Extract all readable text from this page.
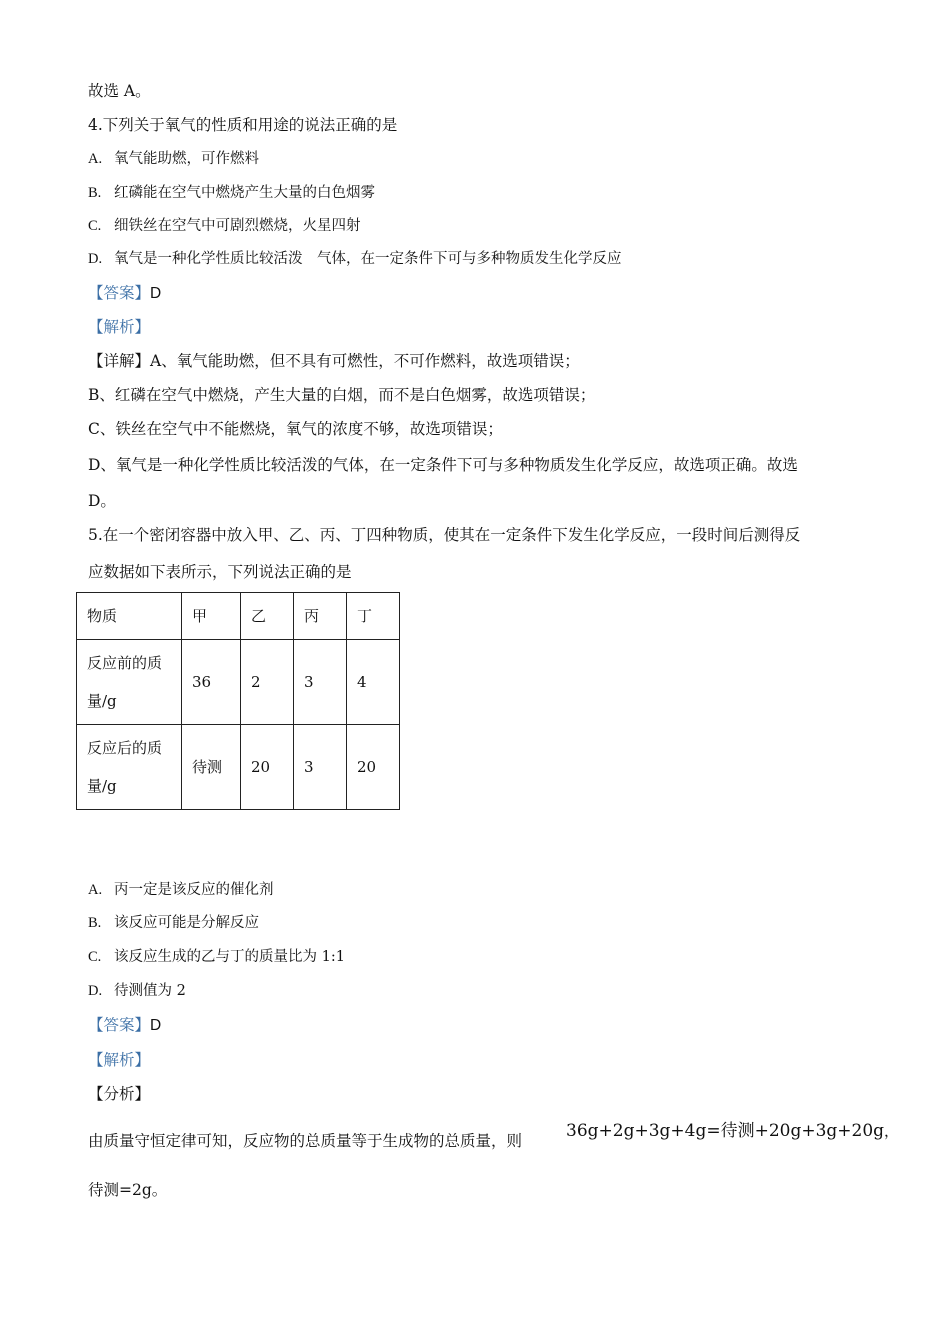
故选 A。
4.下列关于氧气的性质和用途的说法正确的是
A. 氧气能助燃，可作燃料
B. 红磷能在空气中燃烧产生大量的白色烟雾
C. 细铁丝在空气中可剧烈燃烧，火星四射
D. 氧气是一种化学性质比较活泼　气体，在一定条件下可与多种物质发生化学反应
【答案】D
【解析】
【详解】A、氧气能助燃，但不具有可燃性，不可作燃料，故选项错误；
B、红磷在空气中燃烧，产生大量的白烟，而不是白色烟雾，故选项错误；
C、铁丝在空气中不能燃烧，氧气的浓度不够，故选项错误；
D、氧气是一种化学性质比较活泼的气体，在一定条件下可与多种物质发生化学反应，故选项正确。故选
D。
5.在一个密闭容器中放入甲、乙、丙、丁四种物质，使其在一定条件下发生化学反应，一段时间后测得反
应数据如下表所示，下列说法正确的是
物质	甲	乙	丙	丁

反应前的质
量/g	36	2	3	4

反应后的质
量/g	待测	20	3	20
A. 丙一定是该反应的催化剂
B. 该反应可能是分解反应
C. 该反应生成的乙与丁的质量比为 1:1
D. 待测值为 2
【答案】D
【解析】
【分析】
由质量守恒定律可知，反应物的总质量等于生成物的总质量，则	36g+2g+3g+4g=待测+20g+3g+20g，
待测=2g。
